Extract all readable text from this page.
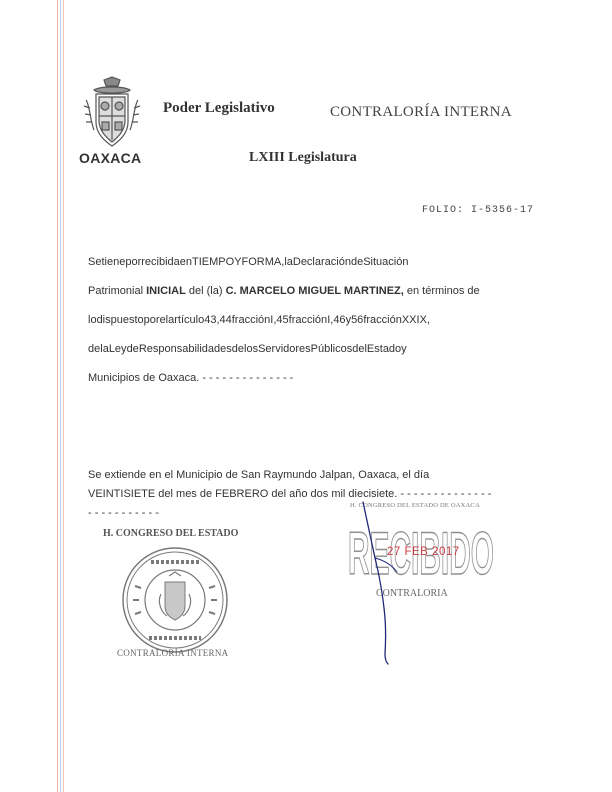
OAXACA
Poder Legislativo	CONTRALORÍA INTERNA
LXIII Legislatura
FOLIO: I-5356-17
SetieneporrecibidaenTIEMPOYFORMA,laDeclaracióndeSituación
Patrimonial INICIAL del (la) C. MARCELO MIGUEL MARTINEZ, en términos de
lodispuestoporelartículo43,44fracciónI,45fracciónI,46y56fracciónXXIX,
delaLeydeResponsabilidadesdelosServidoresPúblicosdelEstadoy
Municipios de Oaxaca. - - - - - - - - - - - - - -
Se extiende en el Municipio de San Raymundo Jalpan, Oaxaca, el día
VEINTISIETE del mes de FEBRERO del año dos mil diecisiete. - - - - - - - - - - - - - -
- - - - - - - - - - -
H. CONGRESO DEL ESTADO
CONTRALORÍA INTERNA
H. CONGRESO DEL ESTADO DE OAXACA
RECIBIDO
27 FEB 2017
CONTRALORIA
